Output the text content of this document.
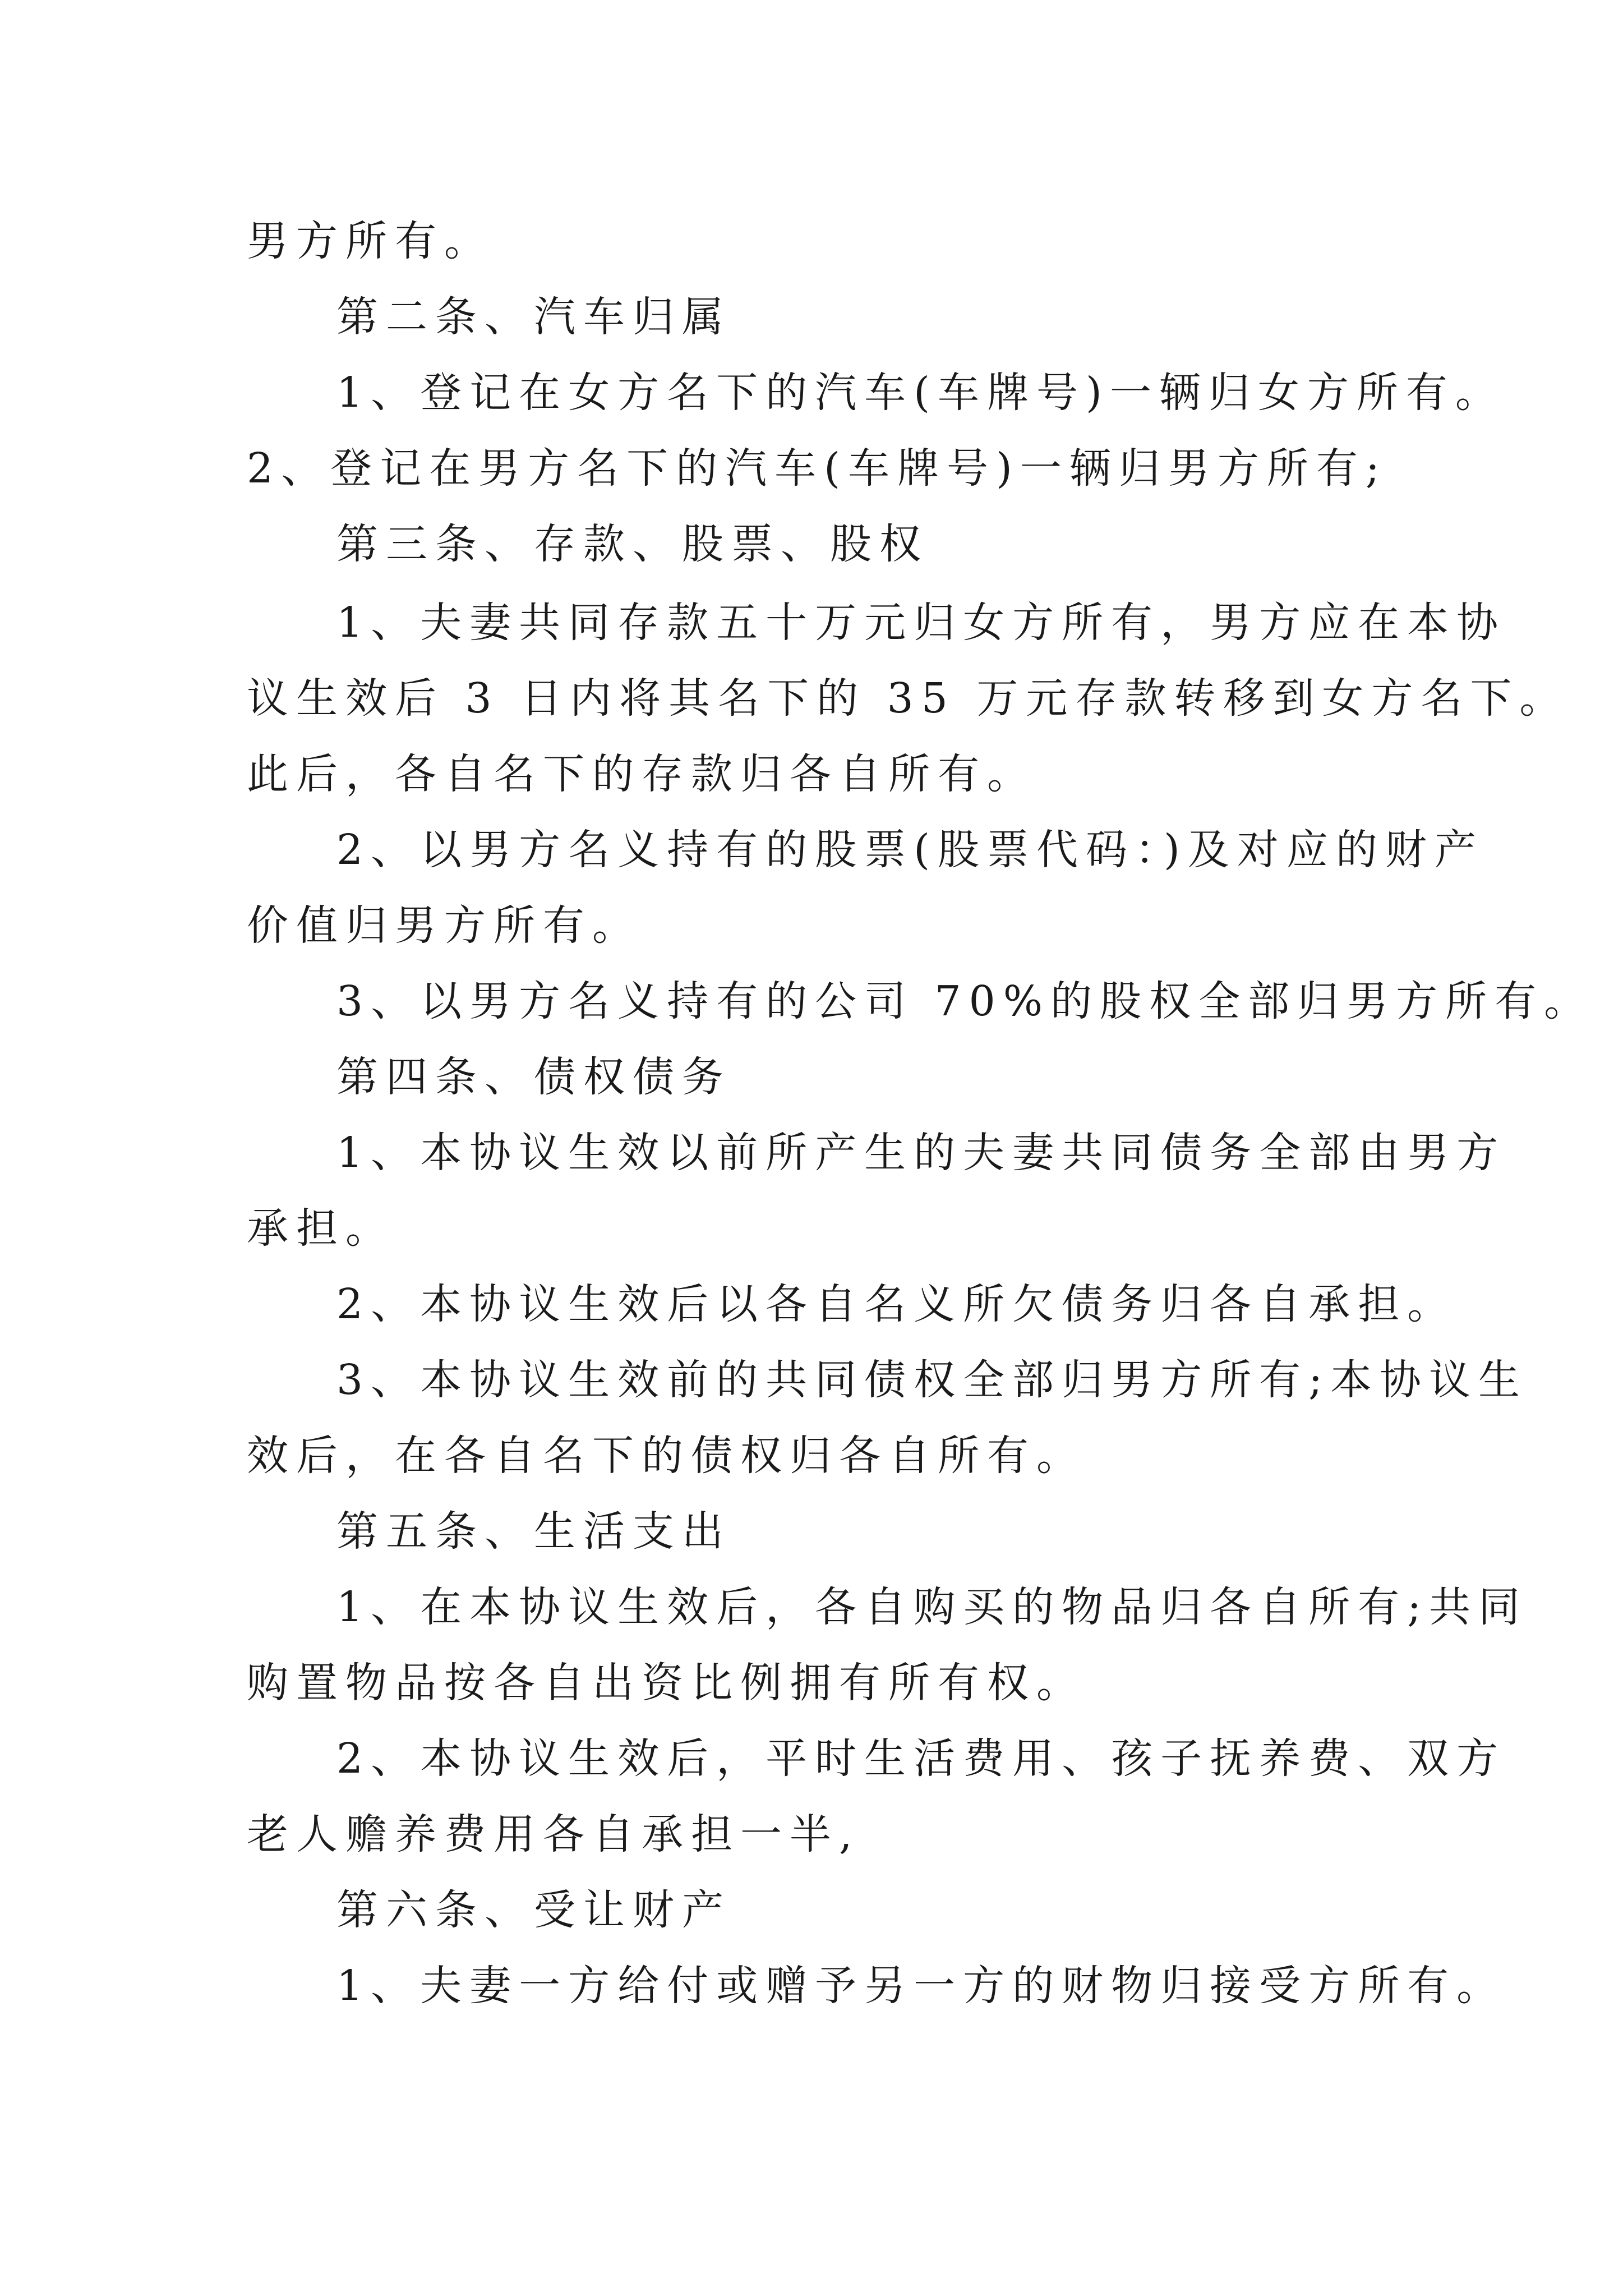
男方所有。
第二条、汽车归属
1、登记在女方名下的汽车(车牌号)一辆归女方所有。
2、登记在男方名下的汽车(车牌号)一辆归男方所有;
第三条、存款、股票、股权
1、夫妻共同存款五十万元归女方所有，男方应在本协
议生效后 3 日内将其名下的 35 万元存款转移到女方名下。
此后，各自名下的存款归各自所有。
2、以男方名义持有的股票(股票代码：)及对应的财产
价值归男方所有。
3、以男方名义持有的公司 70%的股权全部归男方所有。
第四条、债权债务
1、本协议生效以前所产生的夫妻共同债务全部由男方
承担。
2、本协议生效后以各自名义所欠债务归各自承担。
3、本协议生效前的共同债权全部归男方所有;本协议生
效后，在各自名下的债权归各自所有。
第五条、生活支出
1、在本协议生效后，各自购买的物品归各自所有;共同
购置物品按各自出资比例拥有所有权。
2、本协议生效后，平时生活费用、孩子抚养费、双方
老人赡养费用各自承担一半,
第六条、受让财产
1、夫妻一方给付或赠予另一方的财物归接受方所有。
